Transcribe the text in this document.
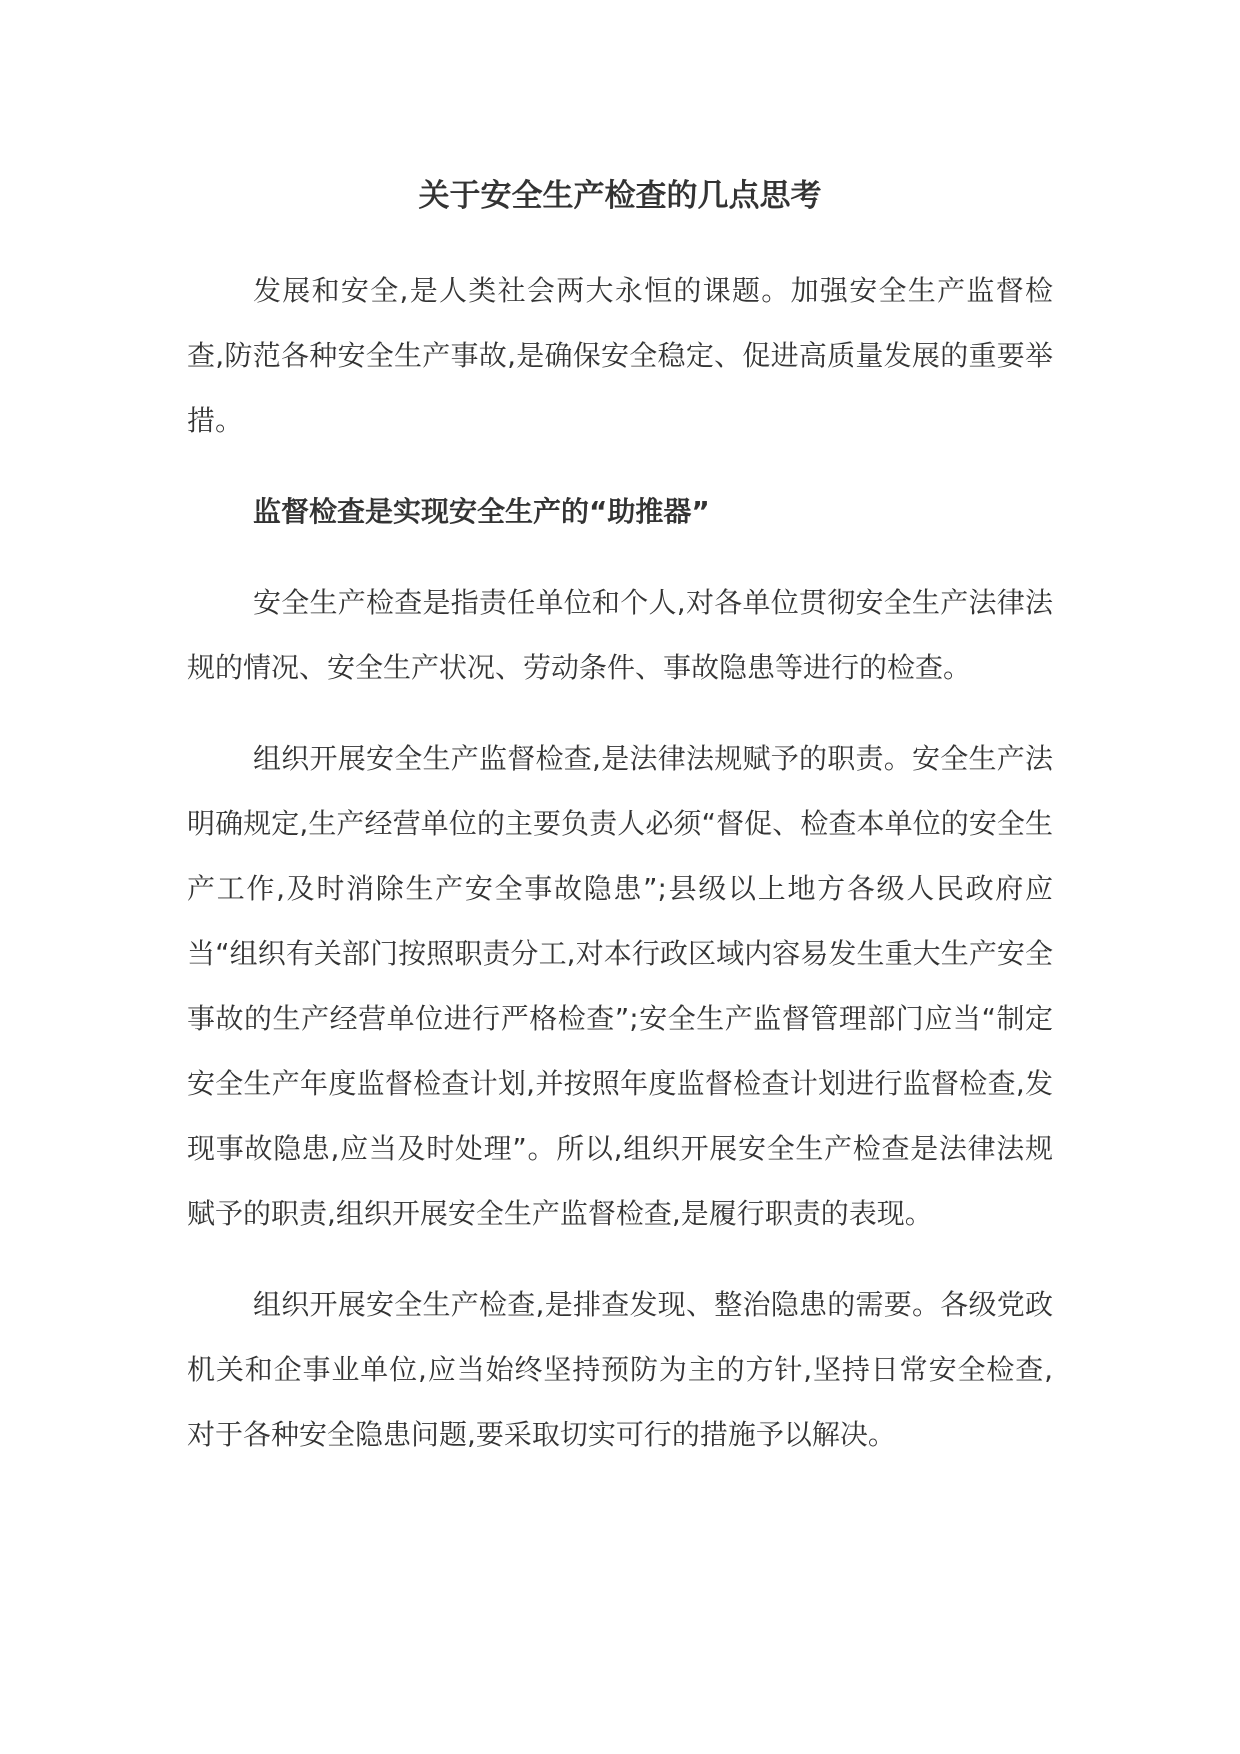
关于安全生产检查的几点思考

发展和安全,是人类社会两大永恒的课题。加强安全生产监督检查,防范各种安全生产事故,是确保安全稳定、促进高质量发展的重要举措。

监督检查是实现安全生产的“助推器”

安全生产检查是指责任单位和个人,对各单位贯彻安全生产法律法规的情况、安全生产状况、劳动条件、事故隐患等进行的检查。

组织开展安全生产监督检查,是法律法规赋予的职责。安全生产法明确规定,生产经营单位的主要负责人必须“督促、检查本单位的安全生产工作,及时消除生产安全事故隐患”;县级以上地方各级人民政府应当“组织有关部门按照职责分工,对本行政区域内容易发生重大生产安全事故的生产经营单位进行严格检查”;安全生产监督管理部门应当“制定安全生产年度监督检查计划,并按照年度监督检查计划进行监督检查,发现事故隐患,应当及时处理”。所以,组织开展安全生产检查是法律法规赋予的职责,组织开展安全生产监督检查,是履行职责的表现。

组织开展安全生产检查,是排查发现、整治隐患的需要。各级党政机关和企事业单位,应当始终坚持预防为主的方针,坚持日常安全检查,对于各种安全隐患问题,要采取切实可行的措施予以解决。
